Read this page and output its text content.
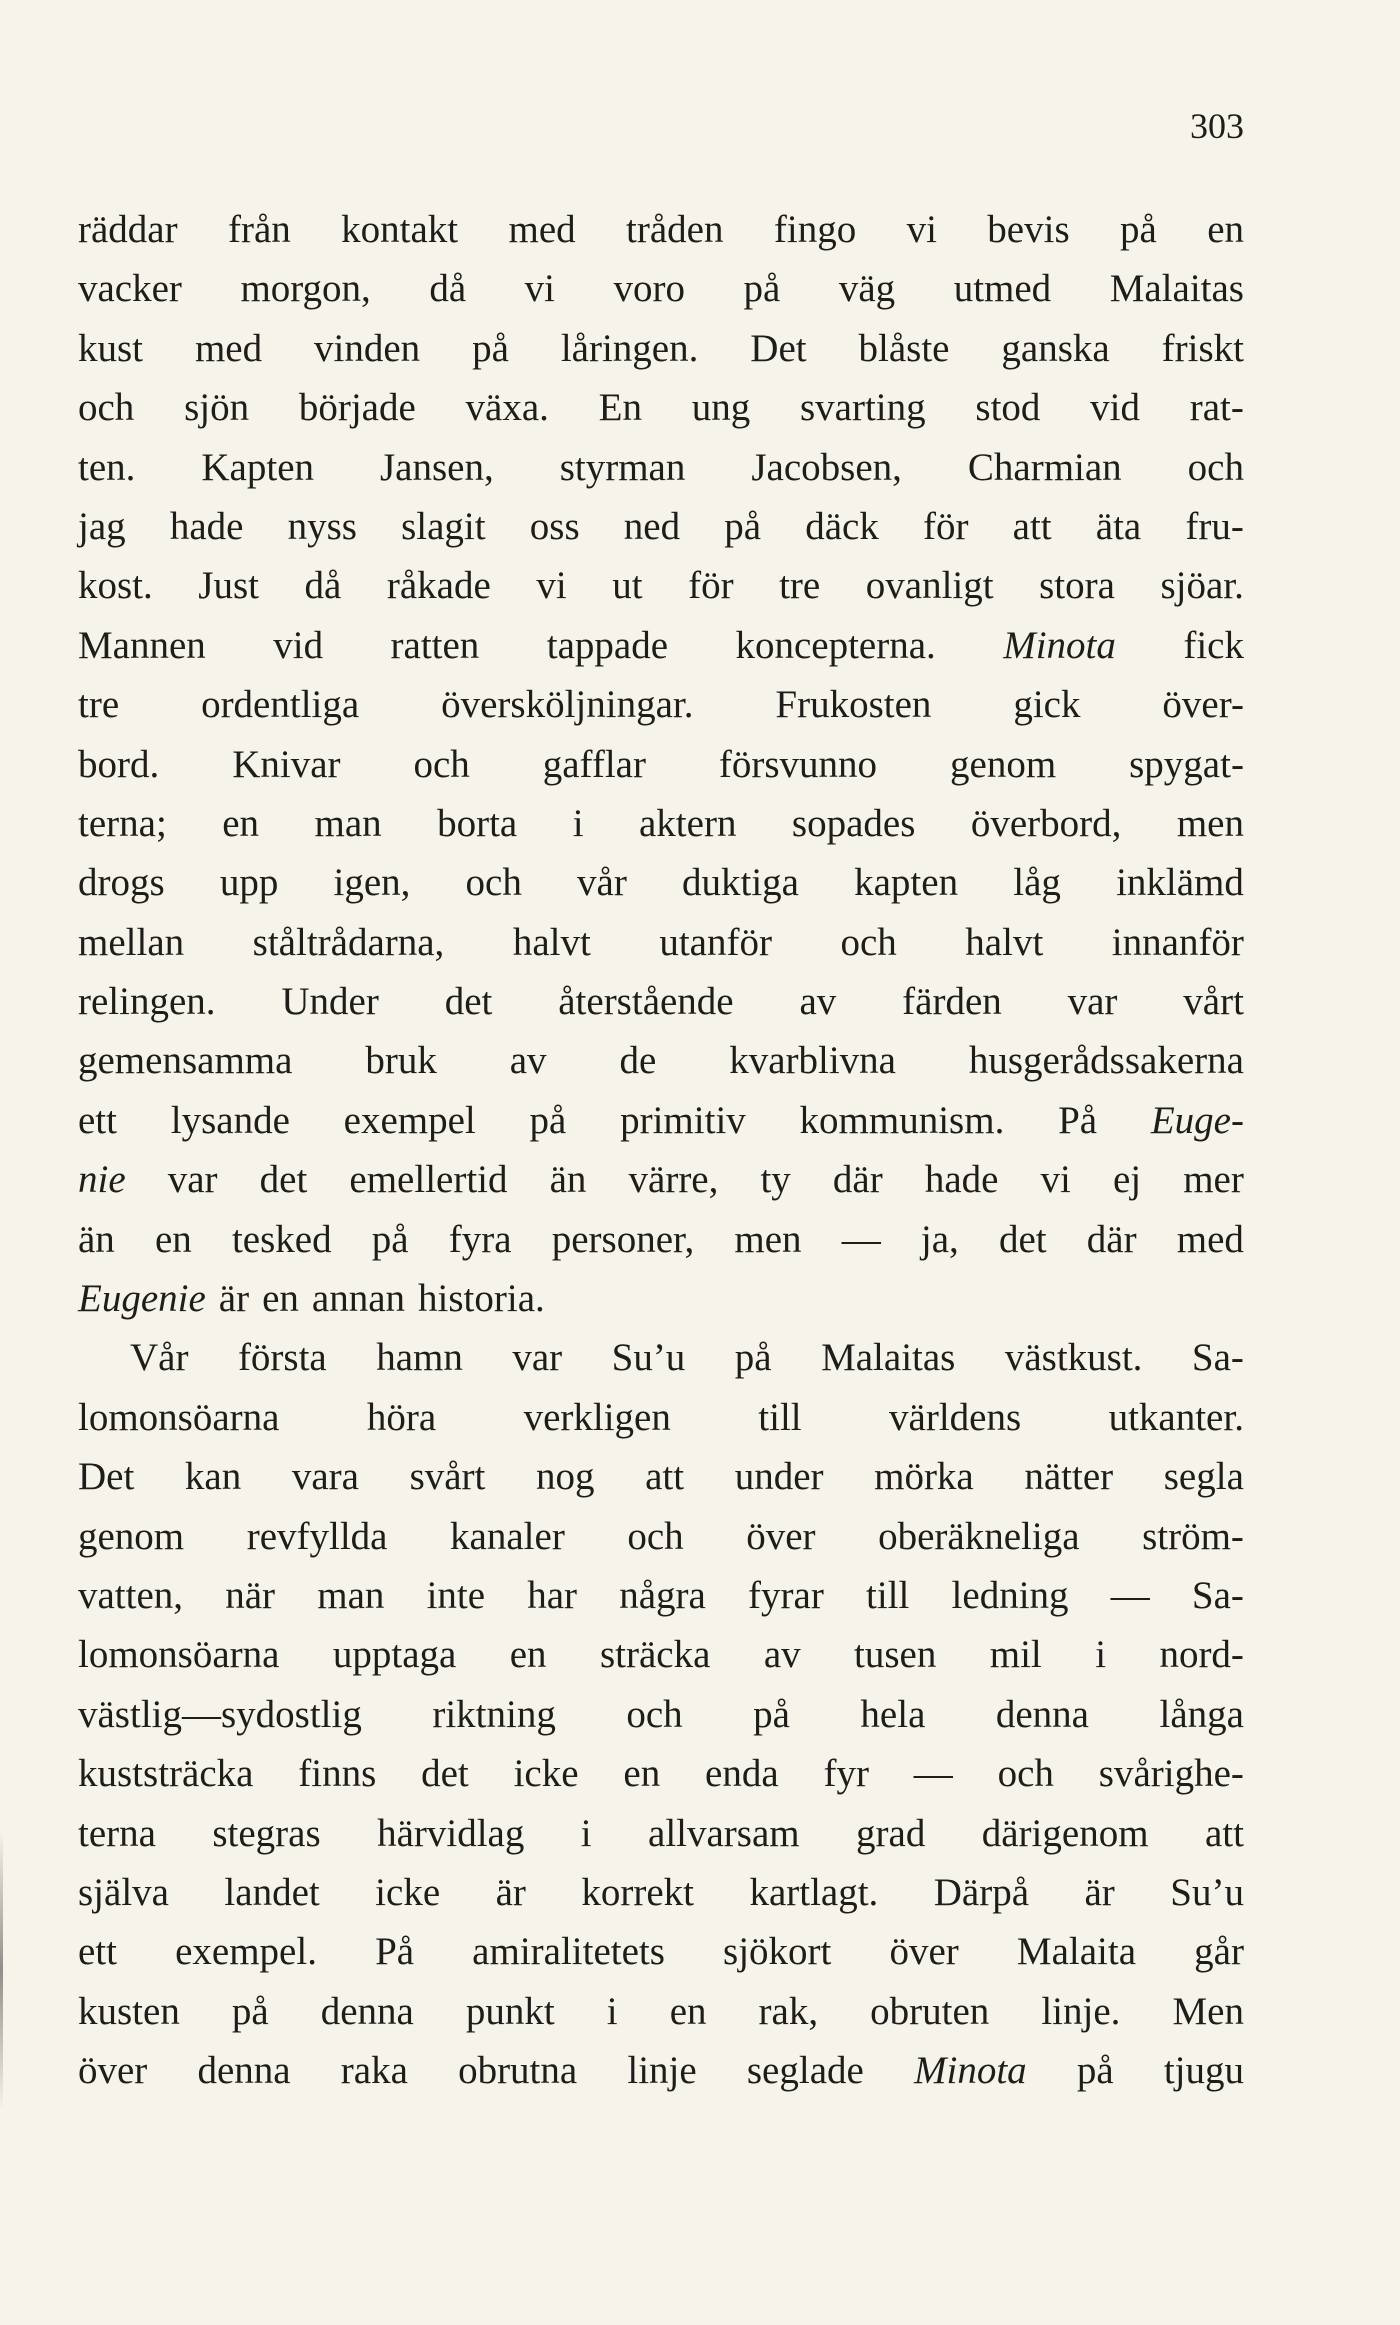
303
räddar från kontakt med tråden fingo vi bevis på en
vacker morgon, då vi voro på väg utmed Malaitas
kust med vinden på låringen. Det blåste ganska friskt
och sjön började växa. En ung svarting stod vid rat-
ten. Kapten Jansen, styrman Jacobsen, Charmian och
jag hade nyss slagit oss ned på däck för att äta fru-
kost. Just då råkade vi ut för tre ovanligt stora sjöar.
Mannen vid ratten tappade koncepterna. Minota fick
tre ordentliga översköljningar. Frukosten gick över-
bord. Knivar och gafflar försvunno genom spygat-
terna; en man borta i aktern sopades överbord, men
drogs upp igen, och vår duktiga kapten låg inklämd
mellan ståltrådarna, halvt utanför och halvt innanför
relingen. Under det återstående av färden var vårt
gemensamma bruk av de kvarblivna husgerådssakerna
ett lysande exempel på primitiv kommunism. På Euge-
nie var det emellertid än värre, ty där hade vi ej mer
än en tesked på fyra personer, men — ja, det där med
Eugenie är en annan historia.
Vår första hamn var Su’u på Malaitas västkust. Sa-
lomonsöarna höra verkligen till världens utkanter.
Det kan vara svårt nog att under mörka nätter segla
genom revfyllda kanaler och över oberäkneliga ström-
vatten, när man inte har några fyrar till ledning — Sa-
lomonsöarna upptaga en sträcka av tusen mil i nord-
västlig—sydostlig riktning och på hela denna långa
kuststräcka finns det icke en enda fyr — och svårighe-
terna stegras härvidlag i allvarsam grad därigenom att
själva landet icke är korrekt kartlagt. Därpå är Su’u
ett exempel. På amiralitetets sjökort över Malaita går
kusten på denna punkt i en rak, obruten linje. Men
över denna raka obrutna linje seglade Minota på tjugu
